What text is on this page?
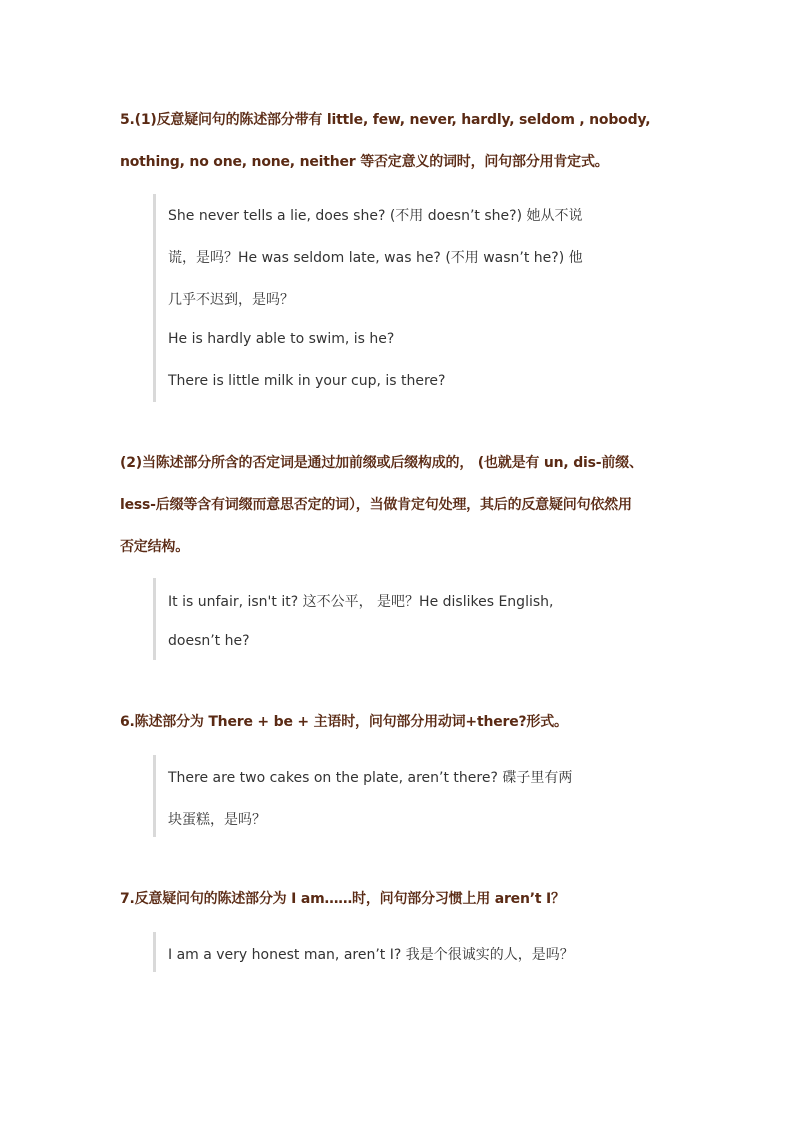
5.(1)反意疑问句的陈述部分带有 little, few, never, hardly, seldom , nobody,
nothing, no one, none, neither 等否定意义的词时，问句部分用肯定式。
She never tells a lie, does she? (不用 doesn’t she?) 她从不说
谎，是吗？He was seldom late, was he? (不用 wasn’t he?) 他
几乎不迟到，是吗？
He is hardly able to swim, is he?
There is little milk in your cup, is there?
(2)当陈述部分所含的否定词是通过加前缀或后缀构成的， (也就是有 un, dis-前缀、
less-后缀等含有词缀而意思否定的词），当做肯定句处理，其后的反意疑问句依然用
否定结构。
It is unfair, isn't it? 这不公平， 是吧？He dislikes English,
doesn’t he?
6.陈述部分为 There + be + 主语时，问句部分用动词+there?形式。
There are two cakes on the plate, aren’t there? 碟子里有两
块蛋糕，是吗？
7.反意疑问句的陈述部分为 I am……时，问句部分习惯上用 aren’t I？
I am a very honest man, aren’t I? 我是个很诚实的人，是吗？
